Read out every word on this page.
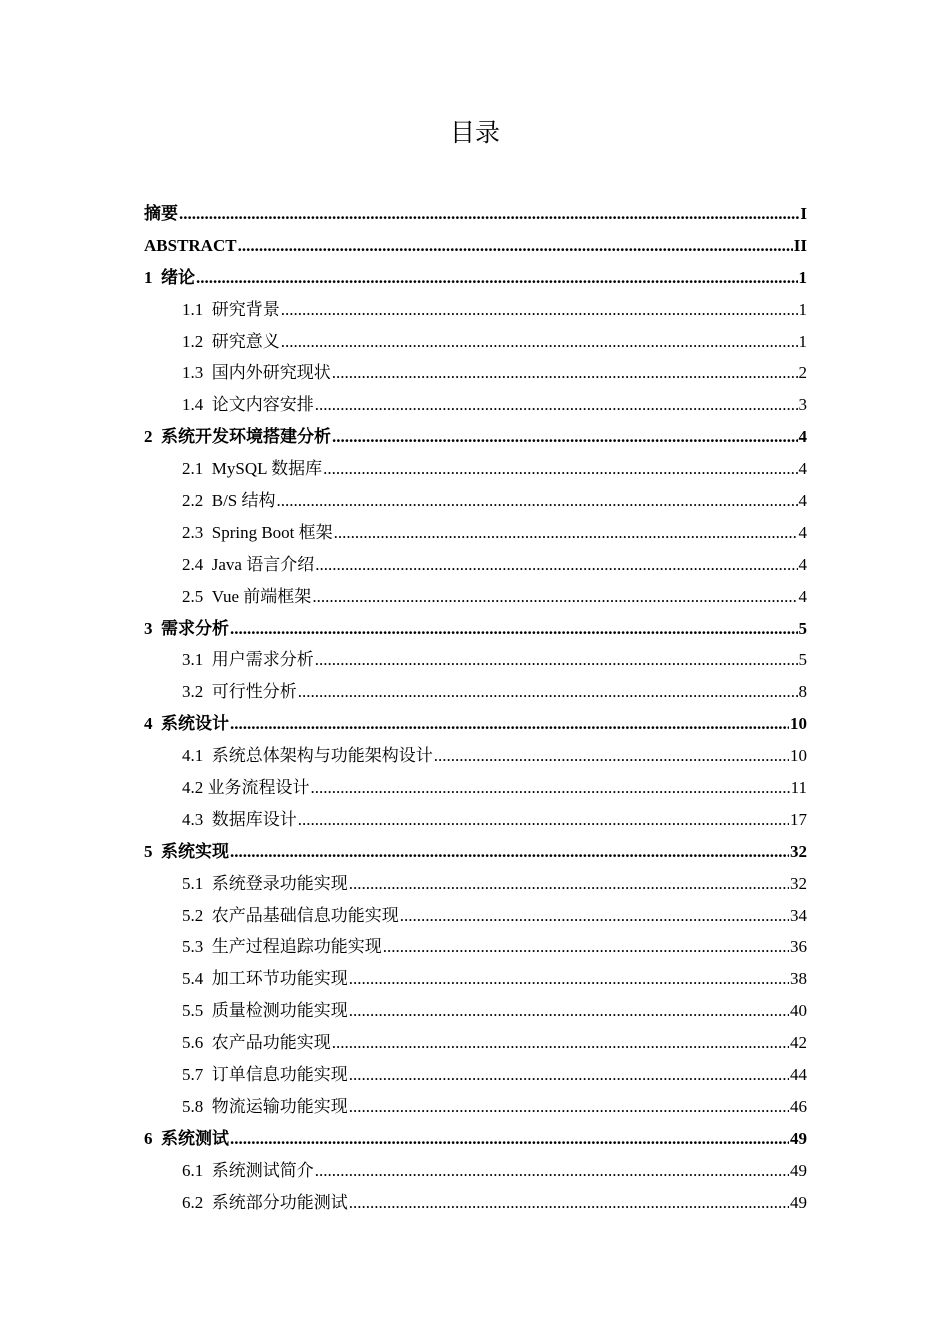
目录
摘要 .....	I
ABSTRACT .....	II
1 绪论 .....	1
1.1 研究背景 .....	1
1.2 研究意义 .....	1
1.3 国内外研究现状 .....	2
1.4 论文内容安排 .....	3
2 系统开发环境搭建分析 .....	4
2.1 MySQL 数据库 .....	4
2.2 B/S 结构 .....	4
2.3 Spring Boot 框架 .....	4
2.4 Java 语言介绍 .....	4
2.5 Vue 前端框架 .....	4
3 需求分析 .....	5
3.1 用户需求分析 .....	5
3.2 可行性分析 .....	8
4 系统设计 .....	10
4.1 系统总体架构与功能架构设计 .....	10
4.2 业务流程设计 .....	11
4.3 数据库设计 .....	17
5 系统实现 .....	32
5.1 系统登录功能实现 .....	32
5.2 农产品基础信息功能实现 .....	34
5.3 生产过程追踪功能实现 .....	36
5.4 加工环节功能实现 .....	38
5.5 质量检测功能实现 .....	40
5.6 农产品功能实现 .....	42
5.7 订单信息功能实现 .....	44
5.8 物流运输功能实现 .....	46
6 系统测试 .....	49
6.1 系统测试简介 .....	49
6.2 系统部分功能测试 .....	49
